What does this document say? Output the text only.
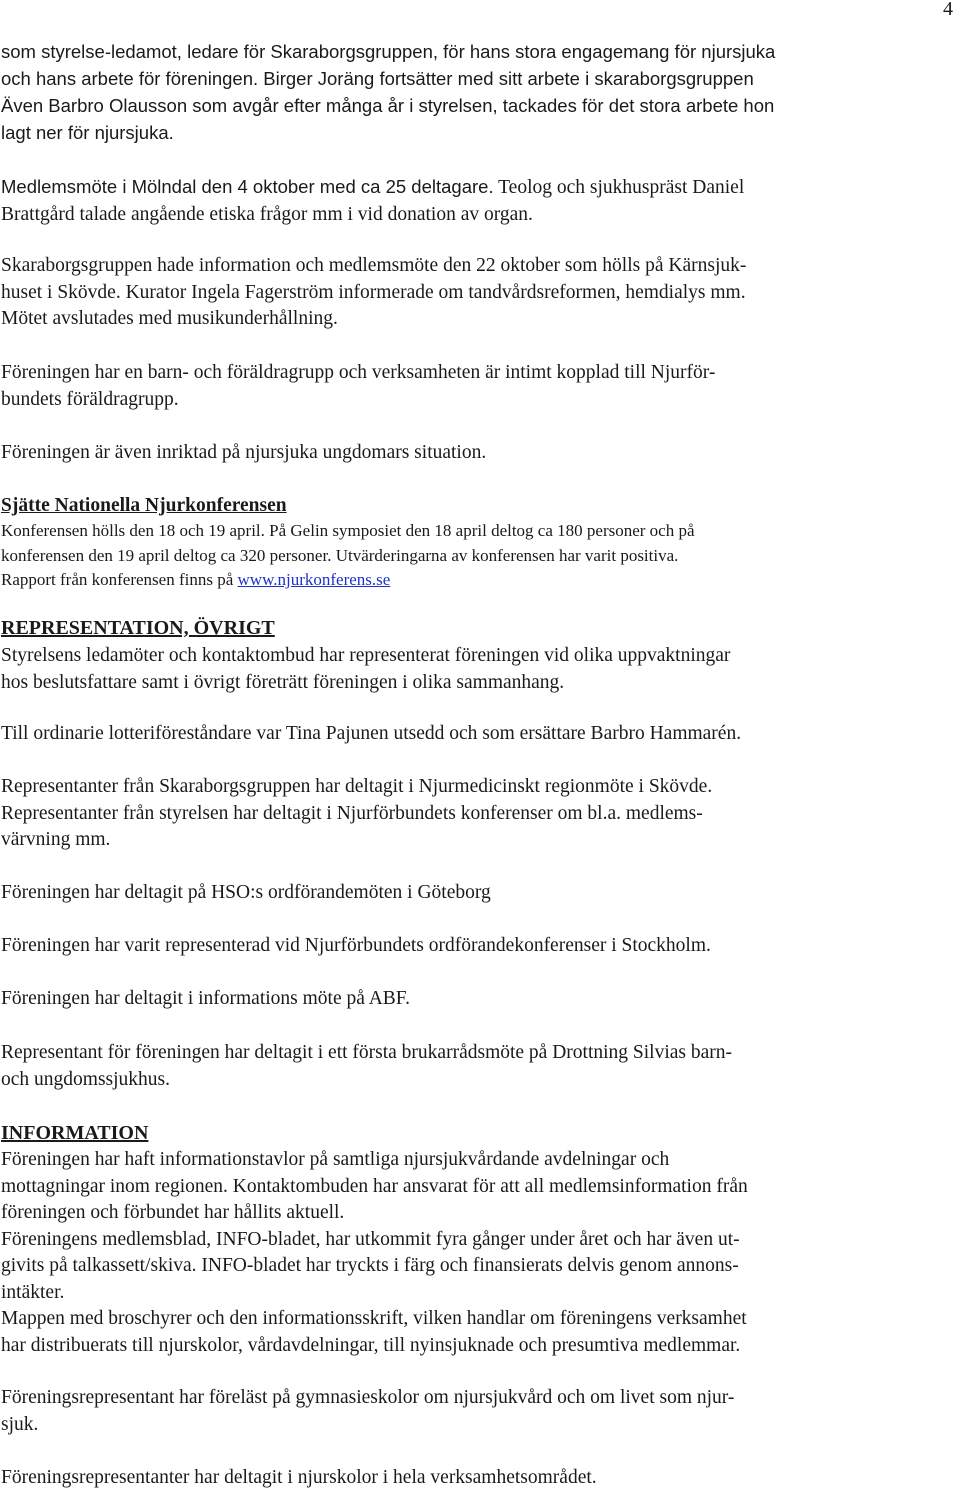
4

som styrelse-ledamot, ledare för Skaraborgsgruppen, för hans stora engagemang för njursjuka
och hans arbete för föreningen. Birger Joräng fortsätter med sitt arbete i skaraborgsgruppen
Även Barbro Olausson som avgår efter många år i styrelsen, tackades för det stora arbete hon
lagt ner för njursjuka.

Medlemsmöte i Mölndal den 4 oktober med ca 25 deltagare. Teolog och sjukhuspräst Daniel
Brattgård talade angående etiska frågor mm i vid donation av organ.

Skaraborgsgruppen hade information och medlemsmöte den 22 oktober som hölls på Kärnsjuk-
huset i Skövde. Kurator Ingela Fagerström informerade om tandvårdsreformen, hemdialys mm.
Mötet avslutades med musikunderhållning.

Föreningen har en barn- och föräldragrupp och verksamheten är intimt kopplad till Njurför-
bundets föräldragrupp.

Föreningen är även inriktad på njursjuka ungdomars situation.

Sjätte Nationella Njurkonferensen

Konferensen hölls den 18 och 19 april. På Gelin symposiet den 18 april deltog ca 180 personer och på
konferensen den 19 april deltog ca 320 personer. Utvärderingarna av konferensen har varit positiva.
Rapport från konferensen finns på www.njurkonferens.se

REPRESENTATION, ÖVRIGT

Styrelsens ledamöter och kontaktombud har representerat föreningen vid olika uppvaktningar
hos beslutsfattare samt i övrigt företrätt föreningen i olika sammanhang.

Till ordinarie lotteriföreståndare var Tina Pajunen utsedd och som ersättare Barbro Hammarén.

Representanter från Skaraborgsgruppen har deltagit i Njurmedicinskt regionmöte i Skövde.
Representanter från styrelsen har deltagit i Njurförbundets konferenser om bl.a. medlems-
värvning mm.

Föreningen har deltagit på HSO:s ordförandemöten i Göteborg

Föreningen har varit representerad vid Njurförbundets ordförandekonferenser i Stockholm.

Föreningen har deltagit i informations möte på ABF.

Representant för föreningen har deltagit i ett första brukarrådsmöte på Drottning Silvias barn-
och ungdomssjukhus.

INFORMATION

Föreningen har haft informationstavlor på samtliga njursjukvårdande avdelningar och
mottagningar inom regionen. Kontaktombuden har ansvarat för att all medlemsinformation från
föreningen och förbundet har hållits aktuell.
Föreningens medlemsblad, INFO-bladet, har utkommit fyra gånger under året och har även ut-
givits på talkassett/skiva. INFO-bladet har tryckts i färg och finansierats delvis genom annons-
intäkter.
Mappen med broschyrer och den informationsskrift, vilken handlar om föreningens verksamhet
har distribuerats till njurskolor, vårdavdelningar, till nyinsjuknade och presumtiva medlemmar.

Föreningsrepresentant har föreläst på gymnasieskolor om njursjukvård och om livet som njur-
sjuk.

Föreningsrepresentanter har deltagit i njurskolor i hela verksamhetsområdet.
